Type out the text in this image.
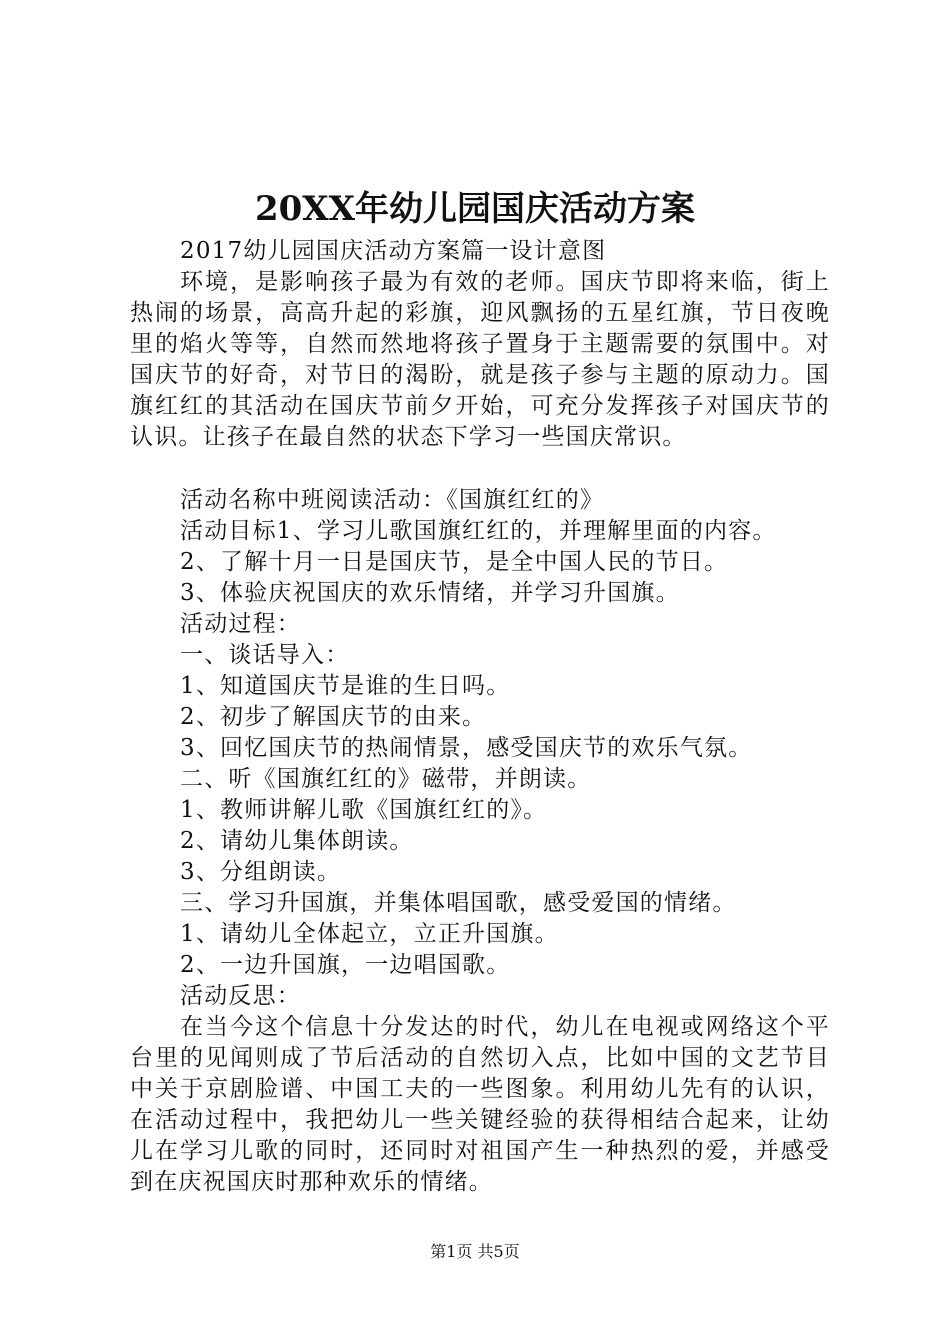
20XX年幼儿园国庆活动方案
2017幼儿园国庆活动方案篇一设计意图
环境，是影响孩子最为有效的老师。国庆节即将来临，街上热闹的场景，高高升起的彩旗，迎风飘扬的五星红旗，节日夜晚里的焰火等等，自然而然地将孩子置身于主题需要的氛围中。对国庆节的好奇，对节日的渴盼，就是孩子参与主题的原动力。国旗红红的其活动在国庆节前夕开始，可充分发挥孩子对国庆节的认识。让孩子在最自然的状态下学习一些国庆常识。
活动名称中班阅读活动：《国旗红红的》
活动目标1、学习儿歌国旗红红的，并理解里面的内容。
2、了解十月一日是国庆节，是全中国人民的节日。
3、体验庆祝国庆的欢乐情绪，并学习升国旗。
活动过程：
一、谈话导入：
1、知道国庆节是谁的生日吗。
2、初步了解国庆节的由来。
3、回忆国庆节的热闹情景，感受国庆节的欢乐气氛。
二、听《国旗红红的》磁带，并朗读。
1、教师讲解儿歌《国旗红红的》。
2、请幼儿集体朗读。
3、分组朗读。
三、学习升国旗，并集体唱国歌，感受爱国的情绪。
1、请幼儿全体起立，立正升国旗。
2、一边升国旗，一边唱国歌。
活动反思：
在当今这个信息十分发达的时代，幼儿在电视或网络这个平台里的见闻则成了节后活动的自然切入点，比如中国的文艺节目中关于京剧脸谱、中国工夫的一些图象。利用幼儿先有的认识，在活动过程中，我把幼儿一些关键经验的获得相结合起来，让幼儿在学习儿歌的同时，还同时对祖国产生一种热烈的爱，并感受到在庆祝国庆时那种欢乐的情绪。
第1页 共5页
